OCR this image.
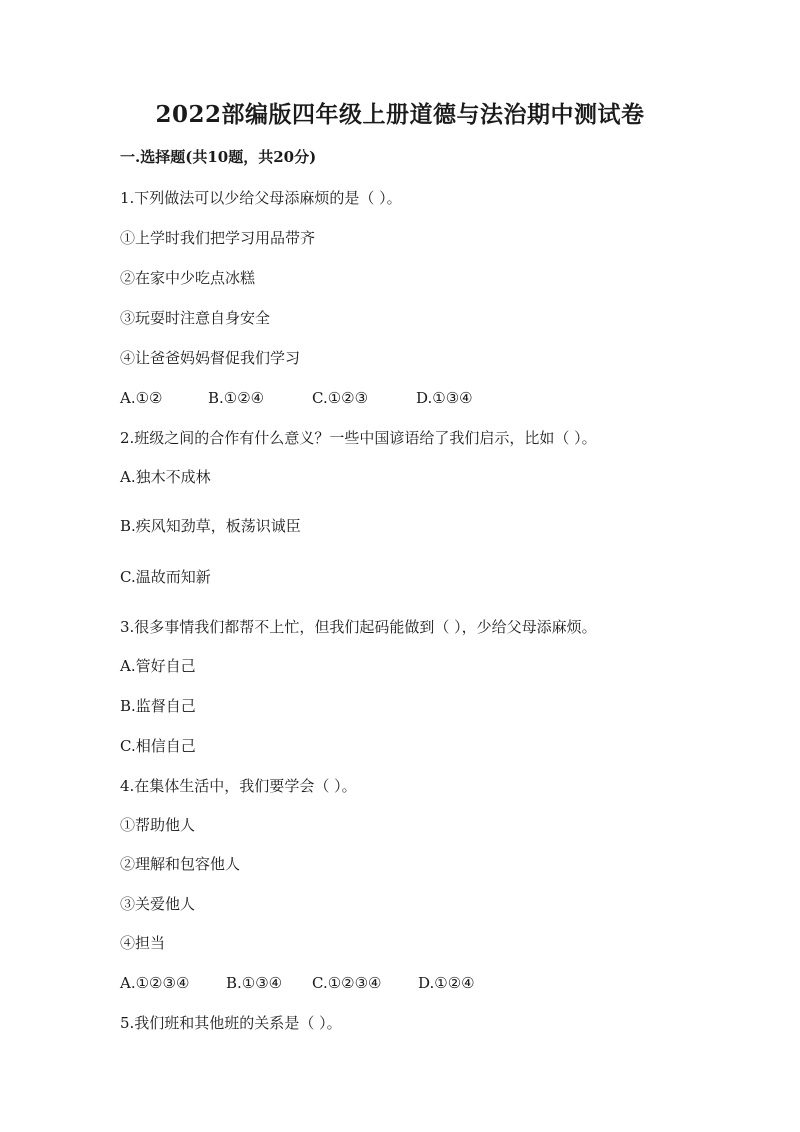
2022部编版四年级上册道德与法治期中测试卷
一.选择题(共10题，共20分)
1.下列做法可以少给父母添麻烦的是（ ）。
①上学时我们把学习用品带齐
②在家中少吃点冰糕
③玩耍时注意自身安全
④让爸爸妈妈督促我们学习
A.①②	B.①②④	C.①②③	D.①③④
2.班级之间的合作有什么意义？一些中国谚语给了我们启示，比如（ ）。
A.独木不成林
B.疾风知劲草，板荡识诚臣
C.温故而知新
3.很多事情我们都帮不上忙，但我们起码能做到（ ），少给父母添麻烦。
A.管好自己
B.监督自己
C.相信自己
4.在集体生活中，我们要学会（ ）。
①帮助他人
②理解和包容他人
③关爱他人
④担当
A.①②③④ B.①③④ C.①②③④ D.①②④
5.我们班和其他班的关系是（ ）。
